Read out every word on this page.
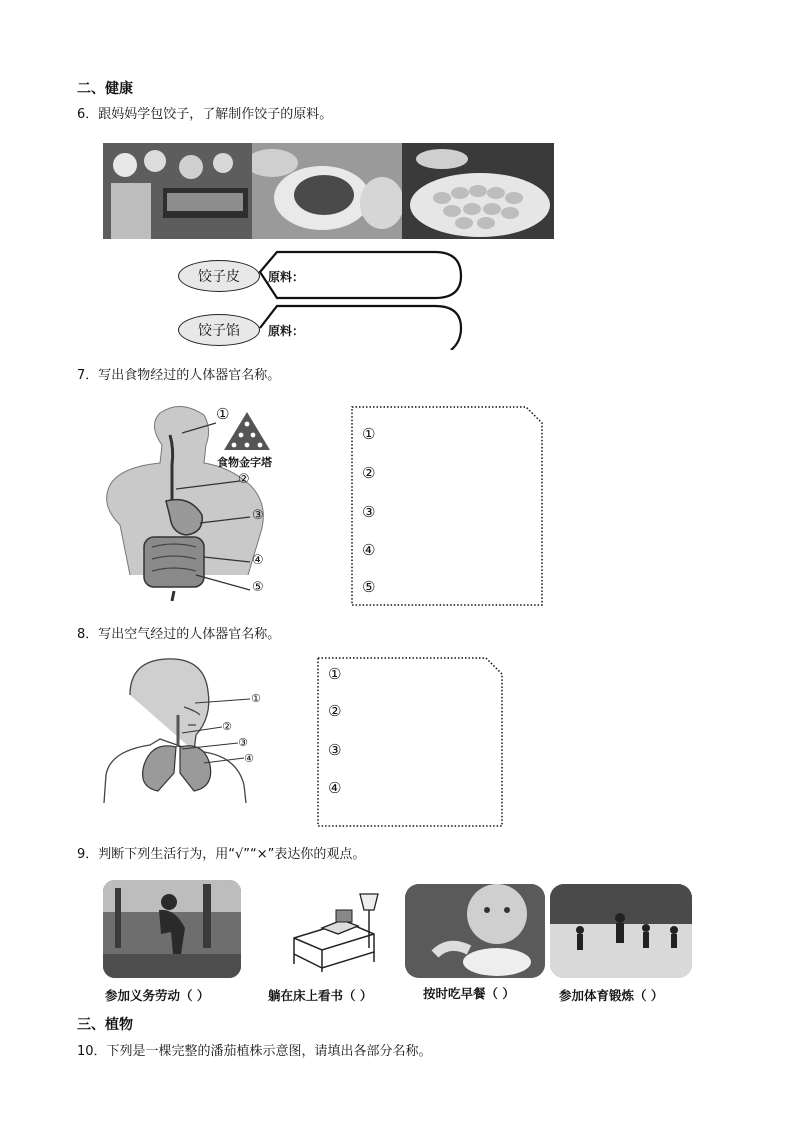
二、健康
6．跟妈妈学包饺子，了解制作饺子的原料。
饺子皮
饺子馅
原料：
原料：
7．写出食物经过的人体器官名称。
①
食物金字塔
②
③
④
⑤
①
②
③
④
⑤
8．写出空气经过的人体器官名称。
①
②
③
④
①
②
③
④
9．判断下列生活行为，用“√”“×”表达你的观点。
参加义务劳动（ ）	躺在床上看书（ ）	按时吃早餐（ ）	参加体育锻炼（ ）
三、植物
10．下列是一棵完整的潘茄植株示意图，请填出各部分名称。
